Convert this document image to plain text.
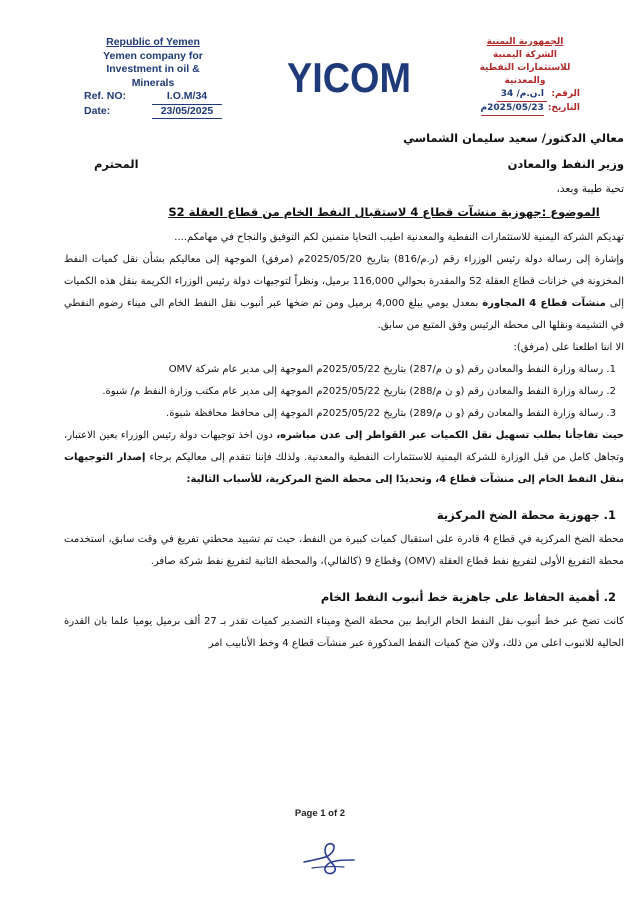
Republic of Yemen
Yemen company for
Investment in oil & Minerals
Ref. NO:	I.O.M/34
Date:	23/05/2025
YICOM
الجمهورية اليمنية
الشركة اليمنية
للاستثمارات النفطية والمعدنية
الرقم:
ا.ن.م/ 34
التاريخ:
2025/05/23م
معالي الدكتور/ سعيد سليمان الشماسي
وزير النفط والمعادن
المحترم
تحية طيبة وبعد،
الموضوع :جهوزية منشآت قطاع 4 لاستقبال النفط الخام من قطاع العقلة S2

تهديكم الشركة اليمنية للاستثمارات النفطية والمعدنية اطيب التحايا متمنين لكم التوفيق والنجاح في مهامكم....

وإشارة إلى رسالة دولة رئيس الوزراء رقم (ر.م/816) بتاريخ 2025/05/20م (مرفق) الموجهة إلى معاليكم بشأن نقل كميات النفط المخزونة في خزانات قطاع العقلة S2 والمقدرة بحوالي 116,000 برميل، ونظراً لتوجيهات دولة رئيس الوزراء الكريمة بنقل هذه الكميات إلى منشآت قطاع 4 المجاورة بمعدل يومي يبلغ 4,000 برميل ومن ثم ضخها عبر أنبوب نقل النفط الخام الى ميناء رضوم النفطي في التشيمة ونقلها الى محطة الرئيس وفق المتبع من سابق.

الا اننا اطلعنا على (مرفق):

1. رسالة وزارة النفط والمعادن رقم (و ن م/287) بتاريخ 2025/05/22م الموجهة إلى مدير عام شركة OMV
2. رسالة وزارة النفط والمعادن رقم (و ن م/288) بتاريخ 2025/05/22م الموجهة إلى مدير عام مكتب وزارة النفط م/ شبوة.
3. رسالة وزارة النفط والمعادن رقم (و ن م/289) بتاريخ 2025/05/22م الموجهة إلى محافظ محافظة شبوة.

حيث تفاجأنا بطلب تسهيل نقل الكميات عبر القواطر إلى عدن مباشره، دون اخذ توجيهات دولة رئيس الوزراء بعين الاعتبار، وتجاهل كامل من قبل الوزارة للشركة اليمنية للاستثمارات النفطية والمعدنية. ولذلك فإننا نتقدم إلى معاليكم برجاء إصدار التوجيهات بنقل النفط الخام إلى منشآت قطاع 4، وتحديدًا إلى محطة الضخ المركزية، للأسباب التالية:

1. جهوزية محطة الضخ المركزية

محطة الضخ المركزية في قطاع 4 قادرة على استقبال كميات كبيرة من النفط، حيث تم تشييد محطتي تفريغ في وقت سابق، استخدمت محطة التفريغ الأولى لتفريغ نفط قطاع العقلة (OMV) وقطاع 9 (كالفالي)، والمحطة الثانية لتفريغ نفط شركة صافر.

2. أهمية الحفاظ على جاهزية خط أنبوب النفط الخام

كانت تضخ عبر خط أنبوب نقل النفط الخام الرابط بين محطة الضخ وميناء التصدير كميات تقدر بـ 27 ألف برميل يوميا علما بان القدرة الحالية للانبوب اعلى من ذلك، ولان ضخ كميات النفط المذكورة عبر منشآت قطاع 4 وخط الأنابيب امر

Page 1 of 2
